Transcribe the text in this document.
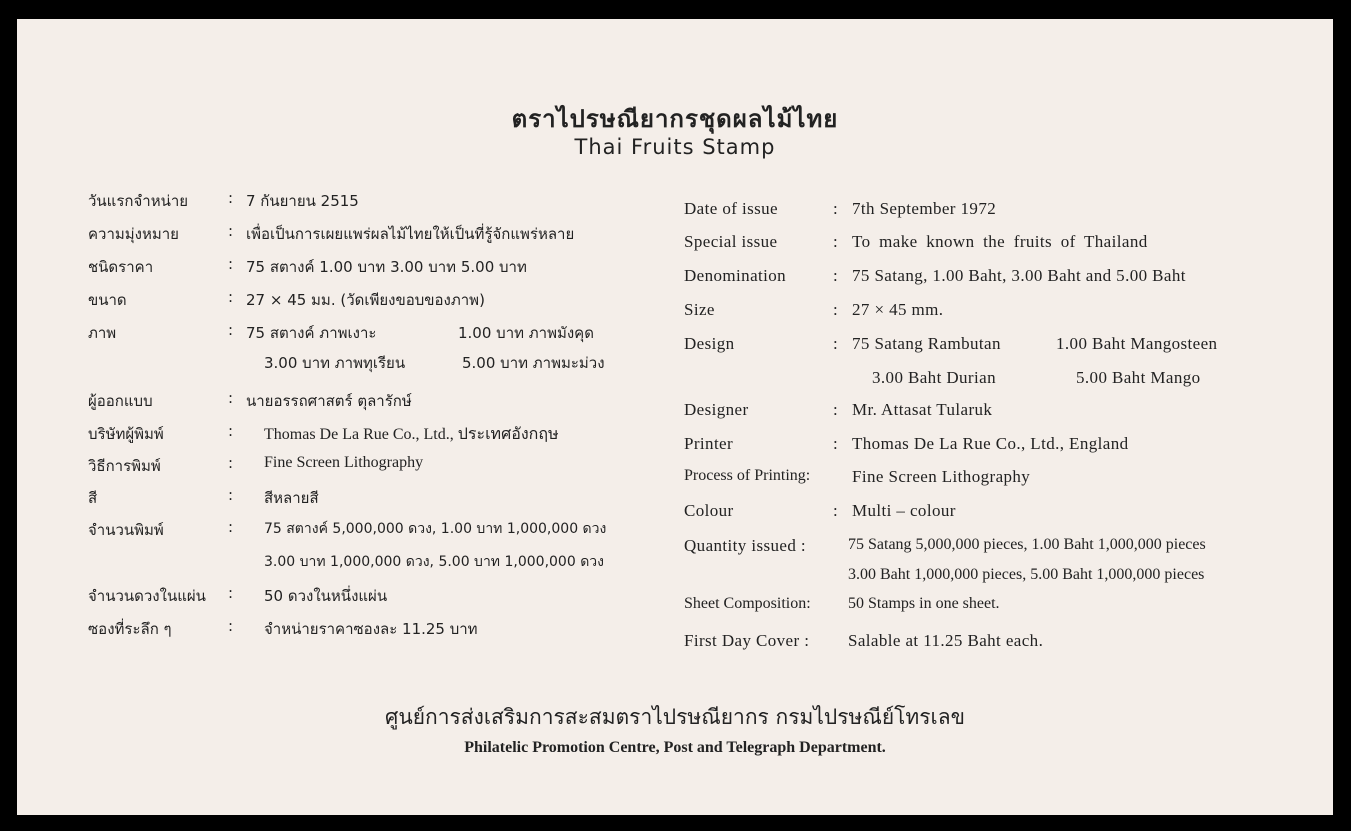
ตราไปรษณียากรชุดผลไม้ไทย
Thai Fruits Stamp
วันแรกจำหน่าย	: 7 กันยายน 2515
ความมุ่งหมาย	: เพื่อเป็นการเผยแพร่ผลไม้ไทยให้เป็นที่รู้จักแพร่หลาย
ชนิดราคา	: 75 สตางค์ 1.00 บาท 3.00 บาท 5.00 บาท
ขนาด	: 27 × 45 มม. (วัดเพียงขอบของภาพ)
ภาพ	: 75 สตางค์ ภาพเงาะ	1.00 บาท ภาพมังคุด
3.00 บาท ภาพทุเรียน	5.00 บาท ภาพมะม่วง
ผู้ออกแบบ	: นายอรรถศาสตร์ ตุลารักษ์
บริษัทผู้พิมพ์	: Thomas De La Rue Co., Ltd., ประเทศอังกฤษ
วิธีการพิมพ์	: Fine Screen Lithography
สี	: สีหลายสี
จำนวนพิมพ์	: 75 สตางค์ 5,000,000 ดวง, 1.00 บาท 1,000,000 ดวง
3.00 บาท 1,000,000 ดวง, 5.00 บาท 1,000,000 ดวง
จำนวนดวงในแผ่น : 50 ดวงในหนึ่งแผ่น
ซองที่ระลึก ๆ	: จำหน่ายราคาซองละ 11.25 บาท
Date of issue	: 7th September 1972
Special issue	: To make known the fruits of Thailand
Denomination	: 75 Satang, 1.00 Baht, 3.00 Baht and 5.00 Baht
Size	: 27 × 45 mm.
Design	: 75 Satang Rambutan	1.00 Baht Mangosteen
3.00 Baht Durian	5.00 Baht Mango
Designer	: Mr. Attasat Tularuk
Printer	: Thomas De La Rue Co., Ltd., England
Process of Printing: Fine Screen Lithography
Colour	: Multi – colour
Quantity issued :	75 Satang 5,000,000 pieces, 1.00 Baht 1,000,000 pieces
3.00 Baht 1,000,000 pieces, 5.00 Baht 1,000,000 pieces
Sheet Composition: 50 Stamps in one sheet.
First Day Cover : Salable at 11.25 Baht each.
ศูนย์การส่งเสริมการสะสมตราไปรษณียากร กรมไปรษณีย์โทรเลข
Philatelic Promotion Centre, Post and Telegraph Department.
